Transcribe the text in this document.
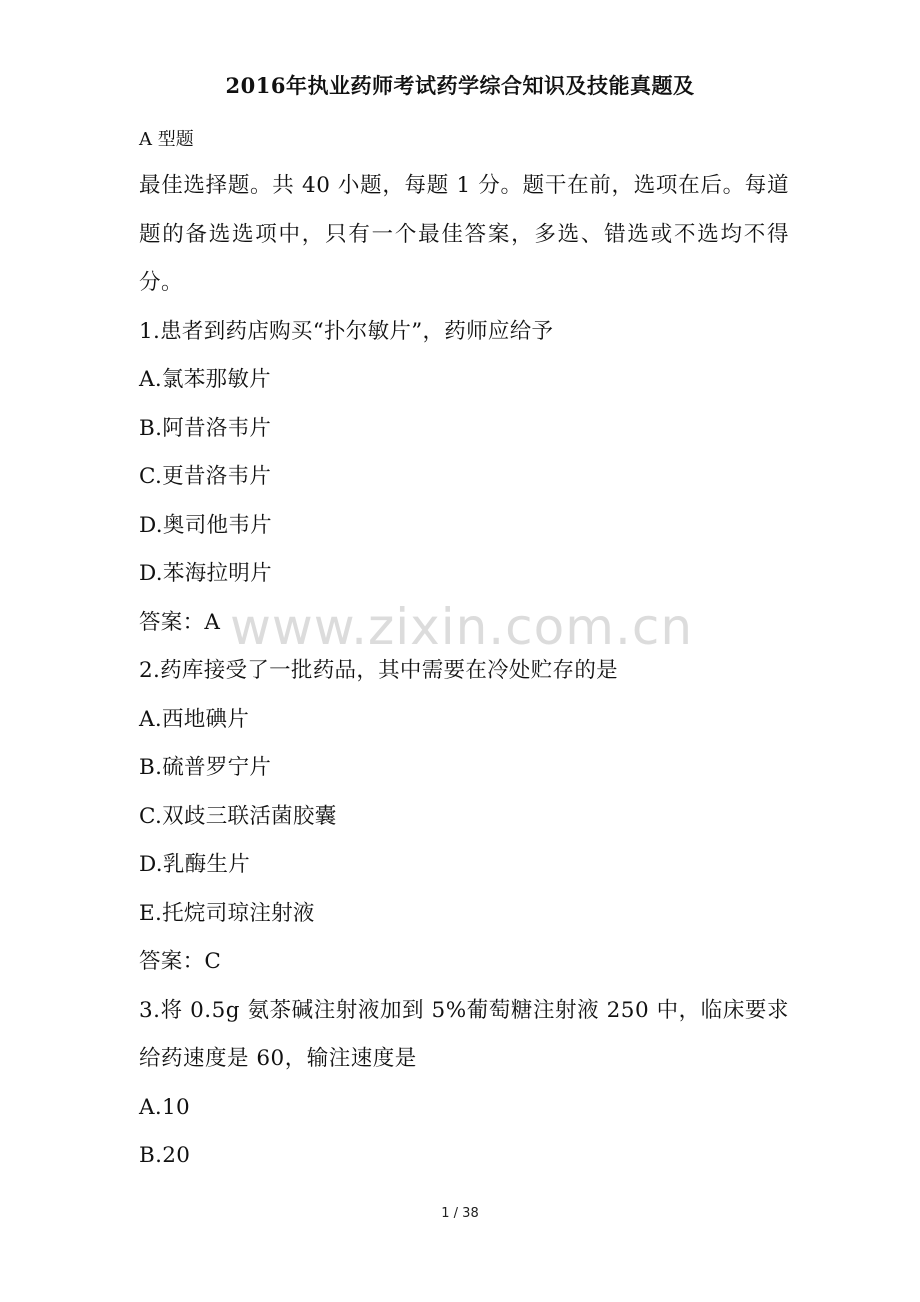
2016年执业药师考试药学综合知识及技能真题及
A 型题
最佳选择题。共 40 小题，每题 1 分。题干在前，选项在后。每道题的备选选项中，只有一个最佳答案，多选、错选或不选均不得分。
1.患者到药店购买“扑尔敏片”，药师应给予
A.氯苯那敏片
B.阿昔洛韦片
C.更昔洛韦片
D.奥司他韦片
D.苯海拉明片
答案：A
2.药库接受了一批药品，其中需要在冷处贮存的是
A.西地碘片
B.硫普罗宁片
C.双歧三联活菌胶囊
D.乳酶生片
E.托烷司琼注射液
答案：C
3.将 0.5g 氨茶碱注射液加到 5%葡萄糖注射液 250 中，临床要求给药速度是 60，输注速度是
A.10
B.20
www.zixin.com.cn
1 / 38
